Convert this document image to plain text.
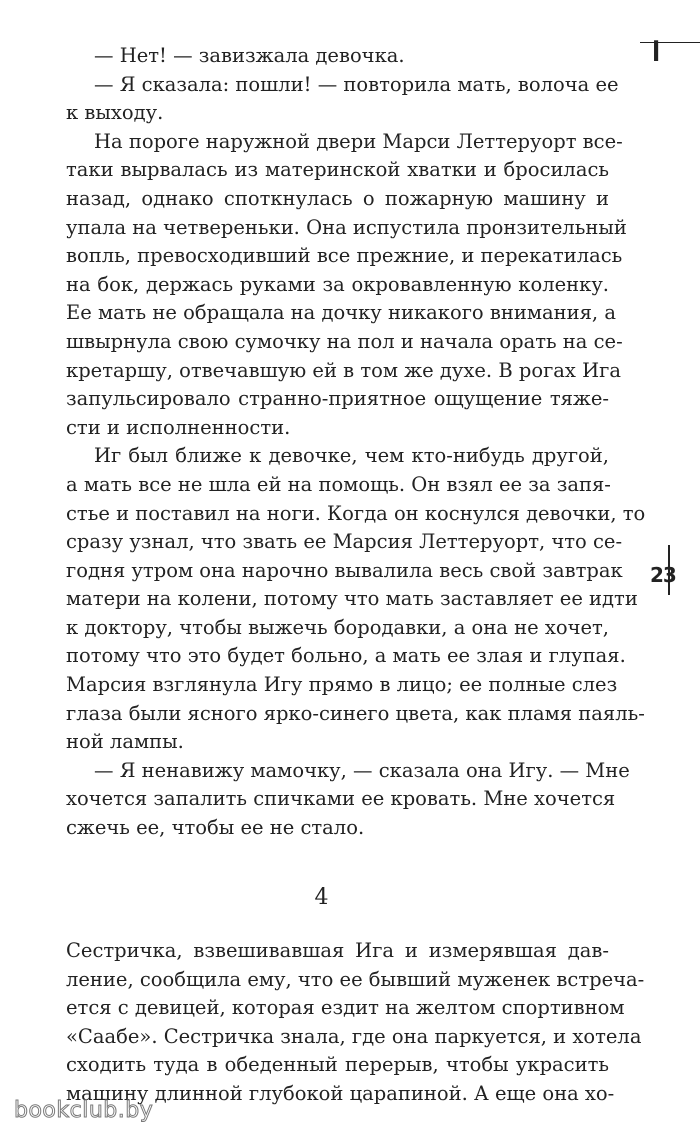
ꟾ
— Нет! — завизжала девочка.
— Я сказала: пошли! — повторила мать, волоча ее
к выходу.
На пороге наружной двери Марси Леттеруорт все-
таки вырвалась из материнской хватки и бросилась
назад, однако споткнулась о пожарную машину и
упала на четвереньки. Она испустила пронзительный
вопль, превосходивший все прежние, и перекатилась
на бок, держась руками за окровавленную коленку.
Ее мать не обращала на дочку никакого внимания, а
швырнула свою сумочку на пол и начала орать на се-
кретаршу, отвечавшую ей в том же духе. В рогах Ига
запульсировало странно-приятное ощущение тяже-
сти и исполненности.
Иг был ближе к девочке, чем кто-нибудь другой,
а мать все не шла ей на помощь. Он взял ее за запя-
стье и поставил на ноги. Когда он коснулся девочки, то
сразу узнал, что звать ее Марсия Леттеруорт, что се-
годня утром она нарочно вывалила весь свой завтрак
матери на колени, потому что мать заставляет ее идти
к доктору, чтобы выжечь бородавки, а она не хочет,
потому что это будет больно, а мать ее злая и глупая.
Марсия взглянула Игу прямо в лицо; ее полные слез
глаза были ясного ярко-синего цвета, как пламя паяль-
ной лампы.
— Я ненавижу мамочку, — сказала она Игу. — Мне
хочется запалить спичками ее кровать. Мне хочется
сжечь ее, чтобы ее не стало.
23
4
Сестричка, взвешивавшая Ига и измерявшая дав-
ление, сообщила ему, что ее бывший муженек встреча-
ется с девицей, которая ездит на желтом спортивном
«Саабе». Сестричка знала, где она паркуется, и хотела
сходить туда в обеденный перерыв, чтобы украсить
машину длинной глубокой царапиной. А еще она хо-
bookclub.by
